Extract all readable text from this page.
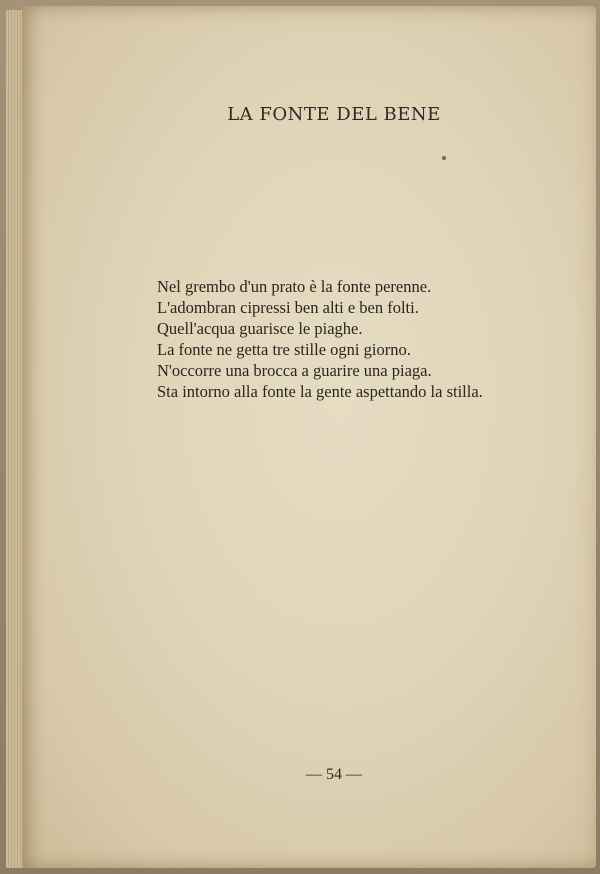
LA FONTE DEL BENE
Nel grembo d'un prato è la fonte perenne.
L'adombran cipressi ben alti e ben folti.
Quell'acqua guarisce le piaghe.
La fonte ne getta tre stille ogni giorno.
N'occorre una brocca a guarire una piaga.
Sta intorno alla fonte la gente aspettando la stilla.
— 54 —
